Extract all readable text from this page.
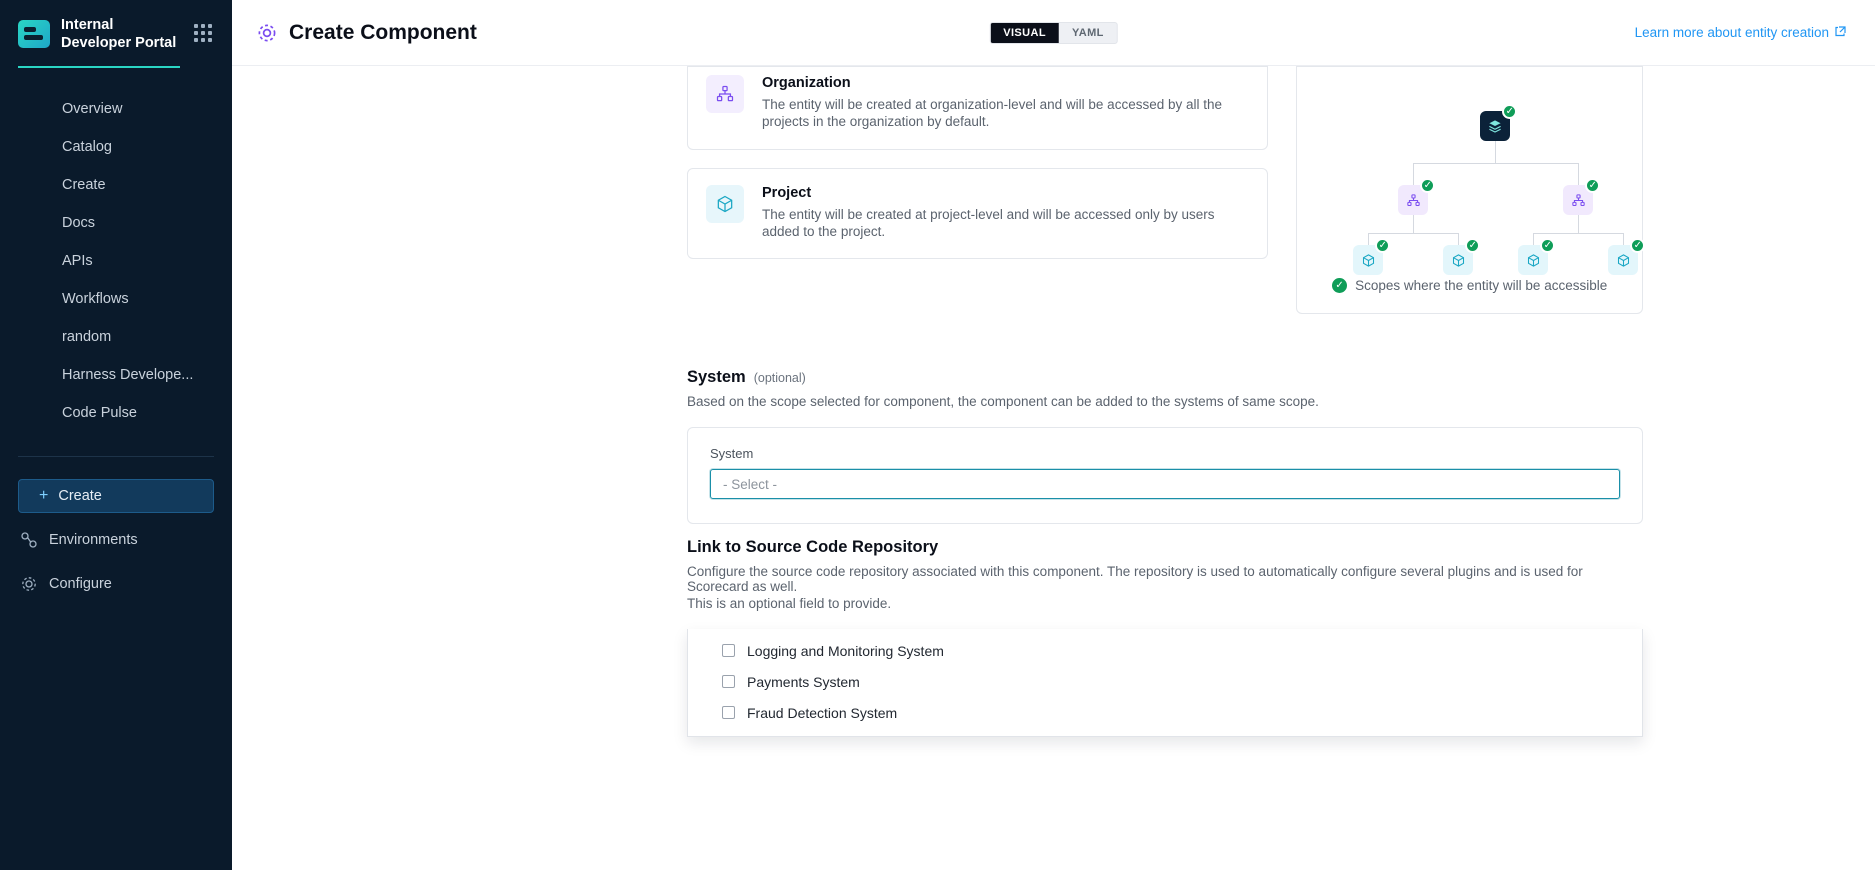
Internal Developer Portal
Overview
Catalog
Create
Docs
APIs
Workflows
random
Harness Develope...
Code Pulse
+ Create
Environments
Configure
Create Component	VISUAL	YAML	Learn more about entity creation
Organization
The entity will be created at organization-level and will be accessed by all the projects in the organization by default.
Project
The entity will be created at project-level and will be accessed only by users added to the project.
✓
✓	✓
✓	✓	✓	✓
✓ Scopes where the entity will be accessible
System (optional)
Based on the scope selected for component, the component can be added to the systems of same scope.
System
- Select -
Link to Source Code Repository
Configure the source code repository associated with this component. The repository is used to automatically configure several plugins and is used for Scorecard as well.
This is an optional field to provide.
Logging and Monitoring System
Payments System
Fraud Detection System
